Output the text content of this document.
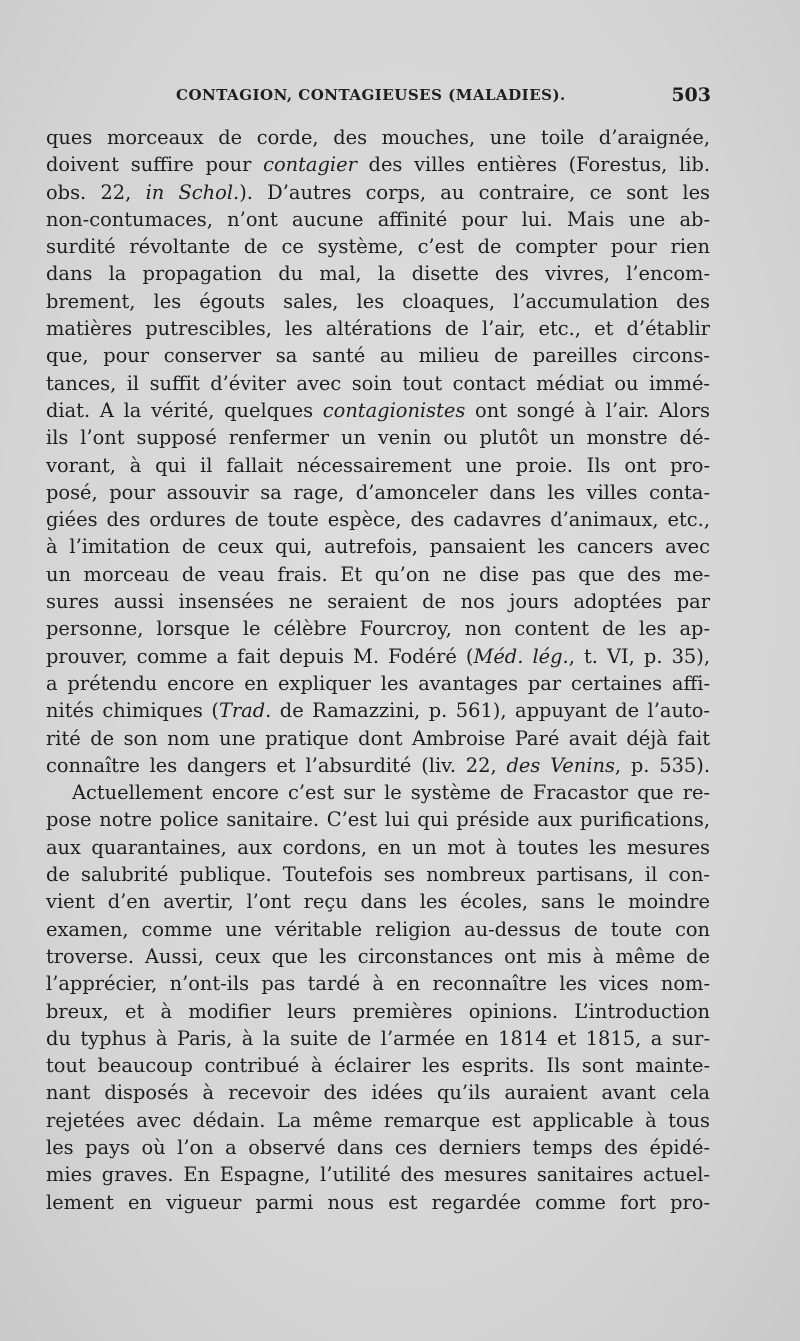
CONTAGION, CONTAGIEUSES (MALADIES).	503
ques morceaux de corde, des mouches, une toile d’araignée,
doivent suffire pour contagier des villes entières (Forestus, lib.
obs. 22, in Schol.). D’autres corps, au contraire, ce sont les
non-contumaces, n’ont aucune affinité pour lui. Mais une ab-
surdité révoltante de ce système, c’est de compter pour rien
dans la propagation du mal, la disette des vivres, l’encom-
brement, les égouts sales, les cloaques, l’accumulation des
matières putrescibles, les altérations de l’air, etc., et d’établir
que, pour conserver sa santé au milieu de pareilles circons-
tances, il suffit d’éviter avec soin tout contact médiat ou immé-
diat. A la vérité, quelques contagionistes ont songé à l’air. Alors
ils l’ont supposé renfermer un venin ou plutôt un monstre dé-
vorant, à qui il fallait nécessairement une proie. Ils ont pro-
posé, pour assouvir sa rage, d’amonceler dans les villes conta-
giées des ordures de toute espèce, des cadavres d’animaux, etc.,
à l’imitation de ceux qui, autrefois, pansaient les cancers avec
un morceau de veau frais. Et qu’on ne dise pas que des me-
sures aussi insensées ne seraient de nos jours adoptées par
personne, lorsque le célèbre Fourcroy, non content de les ap-
prouver, comme a fait depuis M. Fodéré (Méd. lég., t. VI, p. 35),
a prétendu encore en expliquer les avantages par certaines affi-
nités chimiques (Trad. de Ramazzini, p. 561), appuyant de l’auto-
rité de son nom une pratique dont Ambroise Paré avait déjà fait
connaître les dangers et l’absurdité (liv. 22, des Venins, p. 535).
Actuellement encore c’est sur le système de Fracastor que re-
pose notre police sanitaire. C’est lui qui préside aux purifications,
aux quarantaines, aux cordons, en un mot à toutes les mesures
de salubrité publique. Toutefois ses nombreux partisans, il con-
vient d’en avertir, l’ont reçu dans les écoles, sans le moindre
examen, comme une véritable religion au-dessus de toute con
troverse. Aussi, ceux que les circonstances ont mis à même de
l’apprécier, n’ont-ils pas tardé à en reconnaître les vices nom-
breux, et à modifier leurs premières opinions. L’introduction
du typhus à Paris, à la suite de l’armée en 1814 et 1815, a sur-
tout beaucoup contribué à éclairer les esprits. Ils sont mainte-
nant disposés à recevoir des idées qu’ils auraient avant cela
rejetées avec dédain. La même remarque est applicable à tous
les pays où l’on a observé dans ces derniers temps des épidé-
mies graves. En Espagne, l’utilité des mesures sanitaires actuel-
lement en vigueur parmi nous est regardée comme fort pro-
